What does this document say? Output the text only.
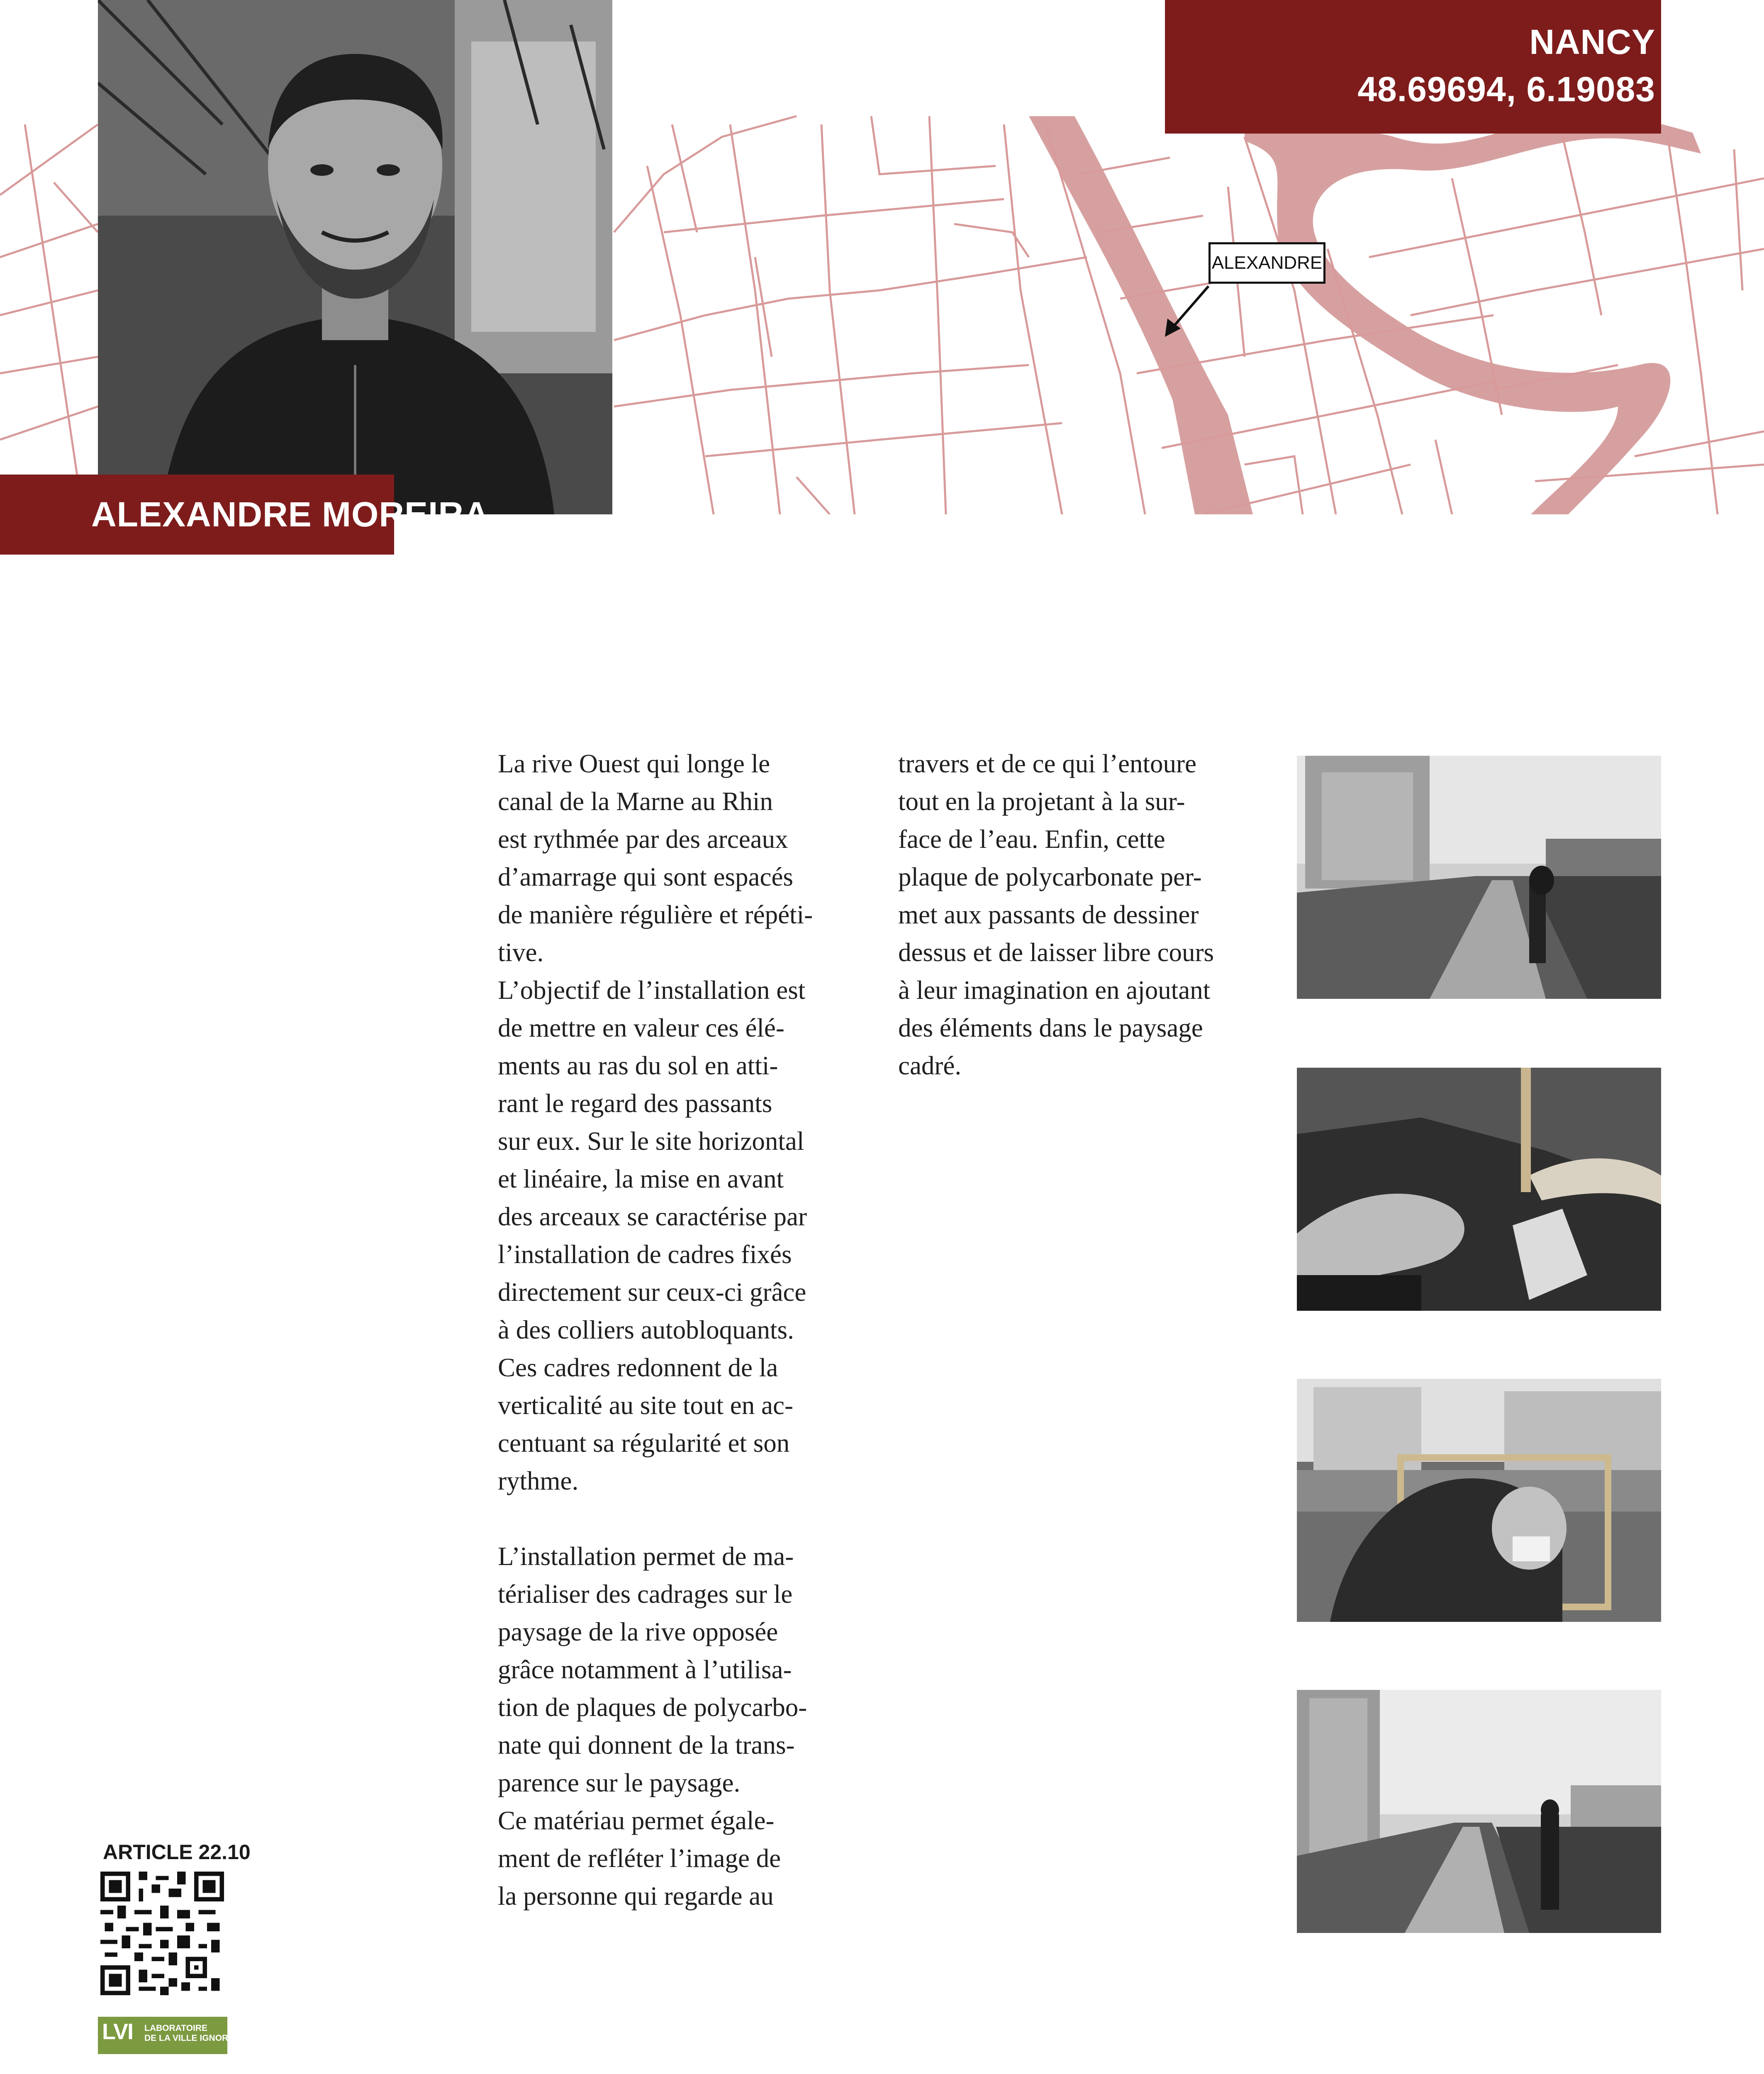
ALEXANDRE
NANCY
48.69694, 6.19083
ALEXANDRE MOREIRA

La rive Ouest qui longe le

canal de la Marne au Rhin

est rythmée par des arceaux

d’amarrage qui sont espacés

de manière régulière et répéti-

tive.

L’objectif de l’installation est

de mettre en valeur ces élé-

ments au ras du sol en atti-

rant le regard des passants

sur eux. Sur le site horizontal

et linéaire, la mise en avant

des arceaux se caractérise par

l’installation de cadres fixés

directement sur ceux-ci grâce

à des colliers autobloquants.

Ces cadres redonnent de la

verticalité au site tout en ac-

centuant sa régularité et son

rythme.

L’installation permet de ma-

térialiser des cadrages sur le

paysage de la rive opposée

grâce notamment à l’utilisa-

tion de plaques de polycarbo-

nate qui donnent de la trans-

parence sur le paysage.

Ce matériau permet égale-

ment de refléter l’image de

la personne qui regarde au

travers et de ce qui l’entoure

tout en la projetant à la sur-

face de l’eau. Enfin, cette

plaque de polycarbonate per-

met aux passants de dessiner

dessus et de laisser libre cours

à leur imagination en ajoutant

des éléments dans le paysage

cadré.

ARTICLE 22.10
LVI LABORATOIRE
DE LA VILLE IGNORÉE
